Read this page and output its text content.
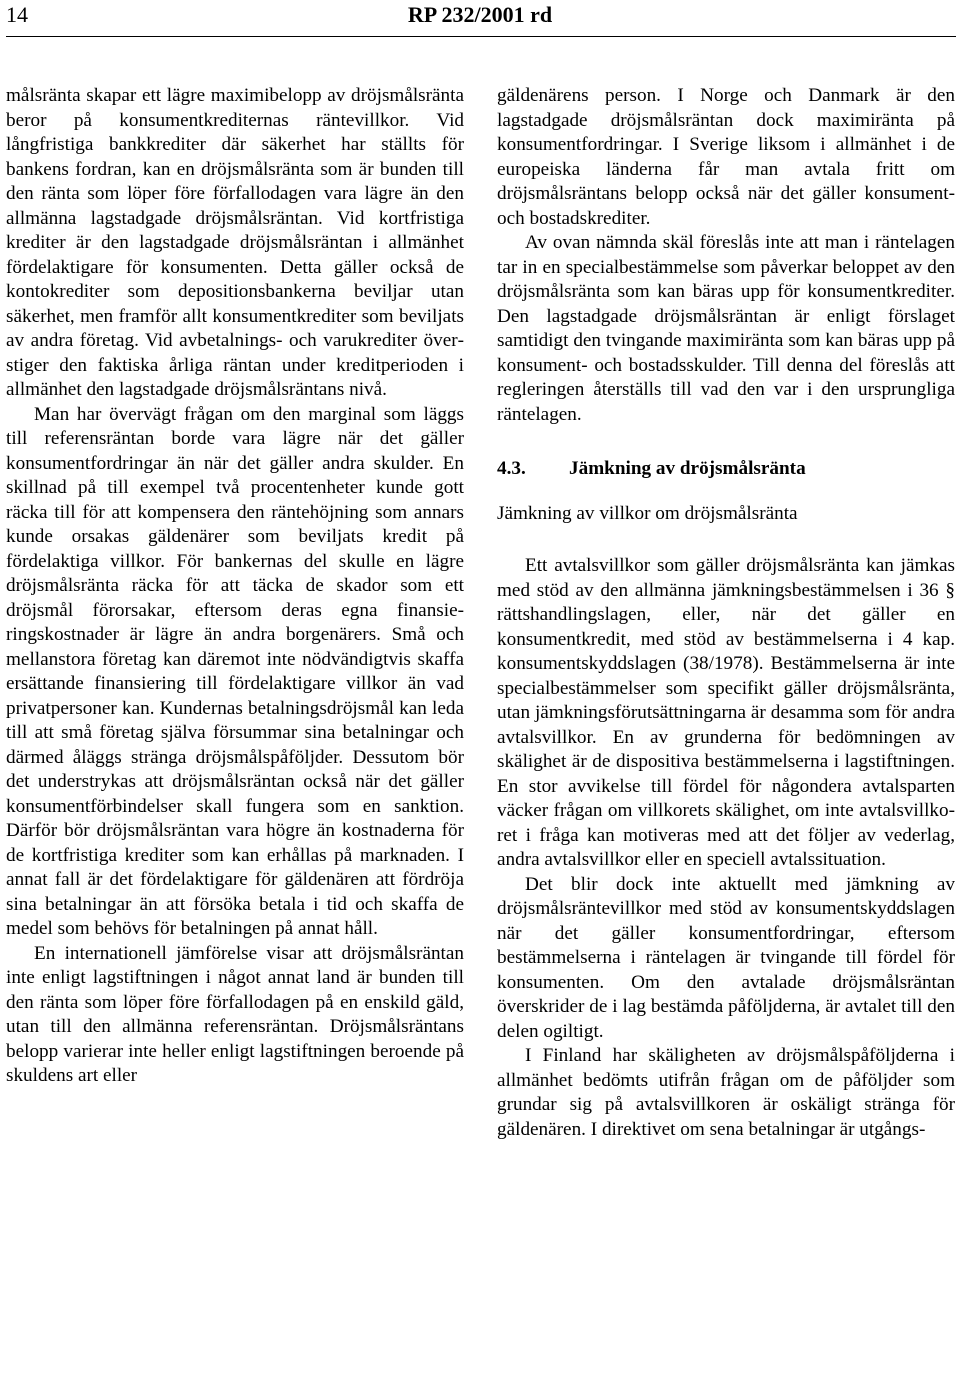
14	RP 232/2001 rd

målsränta skapar ett lägre maximibelopp av dröjsmålsränta beror på konsumentkrediternas räntevillkor. Vid långfristiga bankkrediter där säkerhet har ställts för bankens fordran, kan en dröjsmålsränta som är bunden till den ränta som löper före förfallodagen vara lägre än den allmänna lagstadgade dröjsmålsräntan. Vid kortfristiga krediter är den lagstadgade dröjsmålsräntan i allmänhet fördelaktigare för konsumenten. Detta gäller också de kontokrediter som depositionsbankerna beviljar utan säkerhet, men framför allt konsumentkrediter som beviljats av andra företag. Vid avbetalnings- och varukrediter överstiger den faktiska årliga räntan under kreditperioden i allmänhet den lagstadgade dröjsmålsräntans nivå.

Man har övervägt frågan om den marginal som läggs till referensräntan borde vara lägre när det gäller konsumentfordringar än när det gäller andra skulder. En skillnad på till exempel två procentenheter kunde gott räcka till för att kompensera den räntehöjning som annars kunde orsakas gäldenärer som beviljats kredit på fördelaktiga villkor. För bankernas del skulle en lägre dröjsmålsränta räcka för att täcka de skador som ett dröjsmål förorsakar, eftersom deras egna finansieringskostnader är lägre än andra borgenärers. Små och mellanstora företag kan däremot inte nödvändigtvis skaffa ersättande finansiering till fördelaktigare villkor än vad privatpersoner kan. Kundernas betalningsdröjsmål kan leda till att små företag själva försummar sina betalningar och därmed åläggs stränga dröjsmålspåföljder. Dessutom bör det understrykas att dröjsmålsräntan också när det gäller konsumentförbindelser skall fungera som en sanktion. Därför bör dröjsmålsräntan vara högre än kostnaderna för de kortfristiga krediter som kan erhållas på marknaden. I annat fall är det fördelaktigare för gäldenären att fördröja sina betalningar än att försöka betala i tid och skaffa de medel som behövs för betalningen på annat håll.

En internationell jämförelse visar att dröjsmålsräntan inte enligt lagstiftningen i något annat land är bunden till den ränta som löper före förfallodagen på en enskild gäld, utan till den allmänna referensräntan. Dröjsmålsräntans belopp varierar inte heller enligt lagstiftningen beroende på skuldens art eller

gäldenärens person. I Norge och Danmark är den lagstadgade dröjsmålsräntan dock maximiränta på konsumentfordringar. I Sverige liksom i allmänhet i de europeiska länderna får man avtala fritt om dröjsmålsräntans belopp också när det gäller konsument- och bostadskrediter.

Av ovan nämnda skäl föreslås inte att man i räntelagen tar in en specialbestämmelse som påverkar beloppet av den dröjsmålsränta som kan bäras upp för konsumentkrediter. Den lagstadgade dröjsmålsräntan är enligt förslaget samtidigt den tvingande maximiränta som kan bäras upp på konsument- och bostadsskulder. Till denna del föreslås att regleringen återställs till vad den var i den ursprungliga räntelagen.

4.3.	Jämkning av dröjsmålsränta
Jämkning av villkor om dröjsmålsränta

Ett avtalsvillkor som gäller dröjsmålsränta kan jämkas med stöd av den allmänna jämkningsbestämmelsen i 36 § rättshandlingslagen, eller, när det gäller en konsumentkredit, med stöd av bestämmelserna i 4 kap. konsumentskyddslagen (38/1978). Bestämmelserna är inte specialbestämmelser som specifikt gäller dröjsmålsränta, utan jämkningsförutsättningarna är desamma som för andra avtalsvillkor. En av grunderna för bedömningen av skälighet är de dispositiva bestämmelserna i lagstiftningen. En stor avvikelse till fördel för någondera avtalsparten väcker frågan om villkorets skälighet, om inte avtalsvillkoret i fråga kan motiveras med att det följer av vederlag, andra avtalsvillkor eller en speciell avtalssituation.

Det blir dock inte aktuellt med jämkning av dröjsmålsräntevillkor med stöd av konsumentskyddslagen när det gäller konsumentfordringar, eftersom bestämmelserna i räntelagen är tvingande till fördel för konsumenten. Om den avtalade dröjsmålsräntan överskrider de i lag bestämda påföljderna, är avtalet till den delen ogiltigt.

I Finland har skäligheten av dröjsmålspåföljderna i allmänhet bedömts utifrån frågan om de påföljder som grundar sig på avtalsvillkoren är oskäligt stränga för gäldenären. I direktivet om sena betalningar är utgångs-
